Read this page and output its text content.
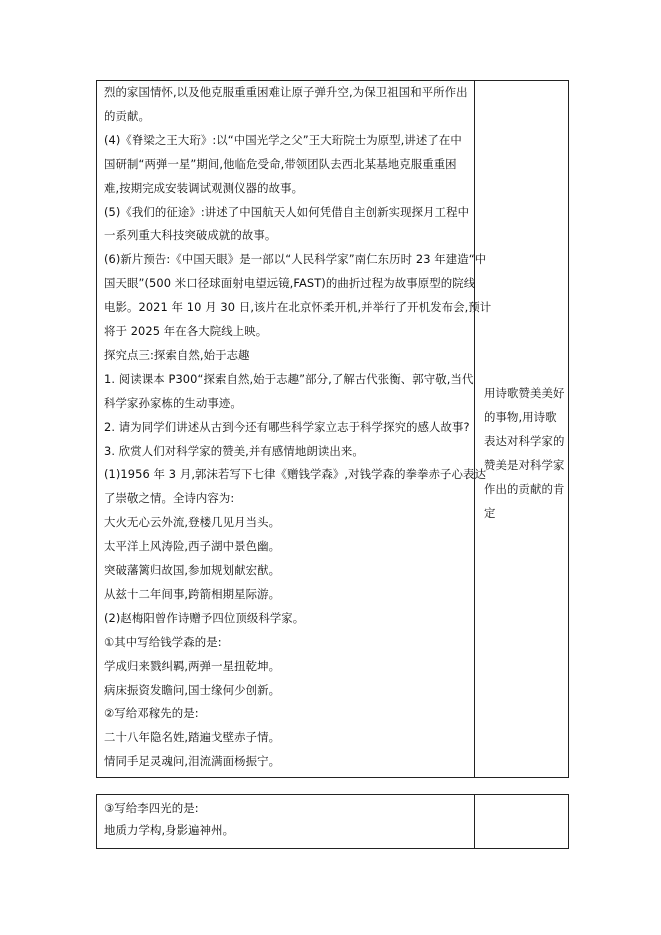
烈的家国情怀,以及他克服重重困难让原子弹升空,为保卫祖国和平所作出
的贡献。
(4)《脊梁之王大珩》:以“中国光学之父”王大珩院士为原型,讲述了在中
国研制“两弹一星”期间,他临危受命,带领团队去西北某基地克服重重困
难,按期完成安装调试观测仪器的故事。
(5)《我们的征途》:讲述了中国航天人如何凭借自主创新实现探月工程中
一系列重大科技突破成就的故事。
(6)新片预告:《中国天眼》是一部以“人民科学家”南仁东历时 23 年建造“中
国天眼”(500 米口径球面射电望远镜,FAST)的曲折过程为故事原型的院线
电影。2021 年 10 月 30 日,该片在北京怀柔开机,并举行了开机发布会,预计
将于 2025 年在各大院线上映。
探究点三:探索自然,始于志趣
1. 阅读课本 P300“探索自然,始于志趣”部分,了解古代张衡、郭守敬,当代
科学家孙家栋的生动事迹。
2. 请为同学们讲述从古到今还有哪些科学家立志于科学探究的感人故事?
3. 欣赏人们对科学家的赞美,并有感情地朗读出来。
(1)1956 年 3 月,郭沫若写下七律《赠钱学森》,对钱学森的拳拳赤子心表达
了崇敬之情。全诗内容为:
大火无心云外流,登楼几见月当头。
太平洋上风涛险,西子湖中景色幽。
突破藩篱归故国,参加规划献宏猷。
从兹十二年间事,跨箭相期星际游。
(2)赵梅阳曾作诗赠予四位顶级科学家。
①其中写给钱学森的是:
学成归来戮纠羁,两弹一星扭乾坤。
病床振资发瞻问,国士缘何少创新。
②写给邓稼先的是:
二十八年隐名姓,踏遍戈壁赤子情。
情同手足灵魂问,泪流满面杨振宁。
用诗歌赞美美好
的事物,用诗歌
表达对科学家的
赞美是对科学家
作出的贡献的肯
定
③写给李四光的是:
地质力学构,身影遍神州。
